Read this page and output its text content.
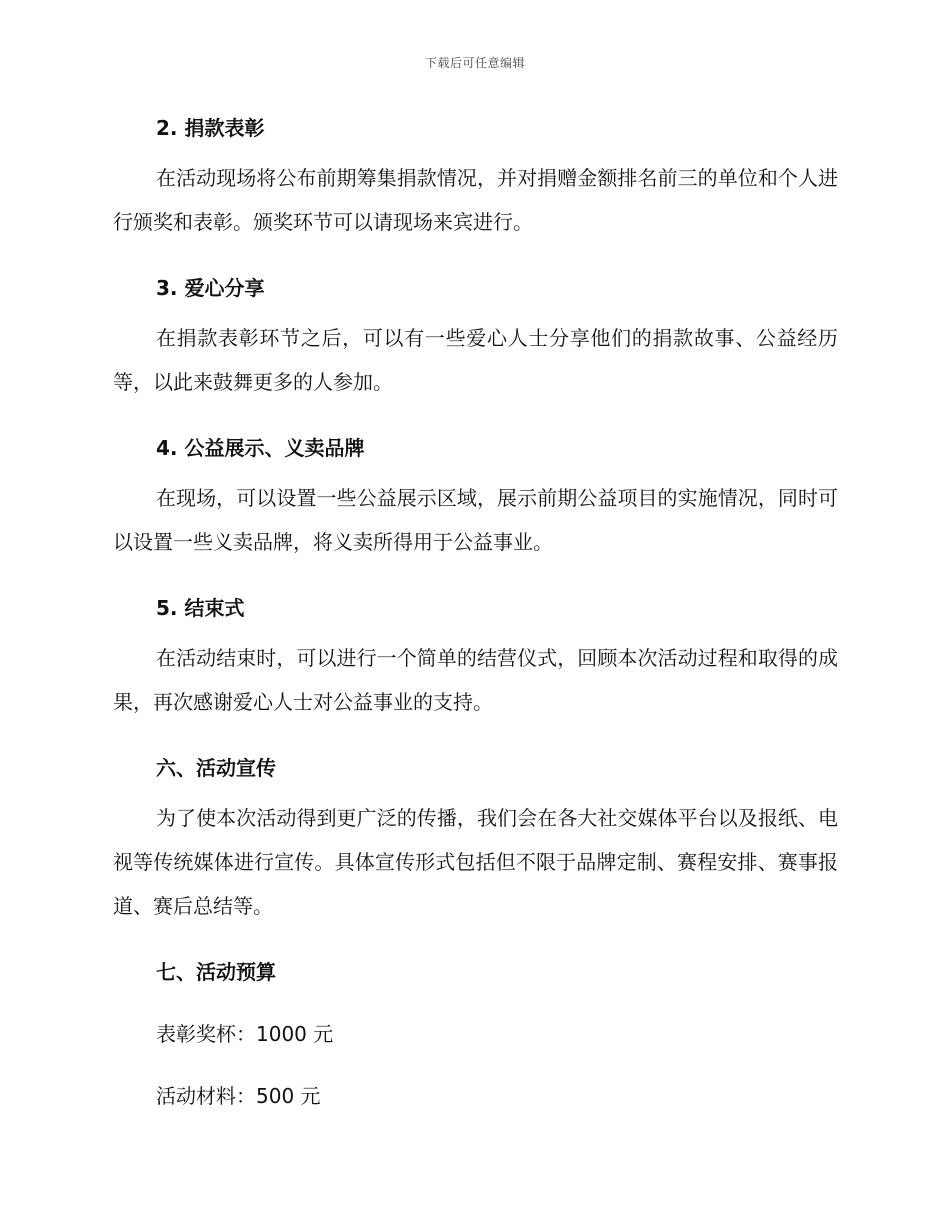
下载后可任意编辑

2. 捐款表彰

在活动现场将公布前期筹集捐款情况，并对捐赠金额排名前三的单位和个人进行颁奖和表彰。颁奖环节可以请现场来宾进行。

3. 爱心分享

在捐款表彰环节之后，可以有一些爱心人士分享他们的捐款故事、公益经历等，以此来鼓舞更多的人参加。

4. 公益展示、义卖品牌

在现场，可以设置一些公益展示区域，展示前期公益项目的实施情况，同时可以设置一些义卖品牌，将义卖所得用于公益事业。

5. 结束式

在活动结束时，可以进行一个简单的结营仪式，回顾本次活动过程和取得的成果，再次感谢爱心人士对公益事业的支持。

六、活动宣传

为了使本次活动得到更广泛的传播，我们会在各大社交媒体平台以及报纸、电视等传统媒体进行宣传。具体宣传形式包括但不限于品牌定制、赛程安排、赛事报道、赛后总结等。

七、活动预算

表彰奖杯：1000 元

活动材料：500 元
